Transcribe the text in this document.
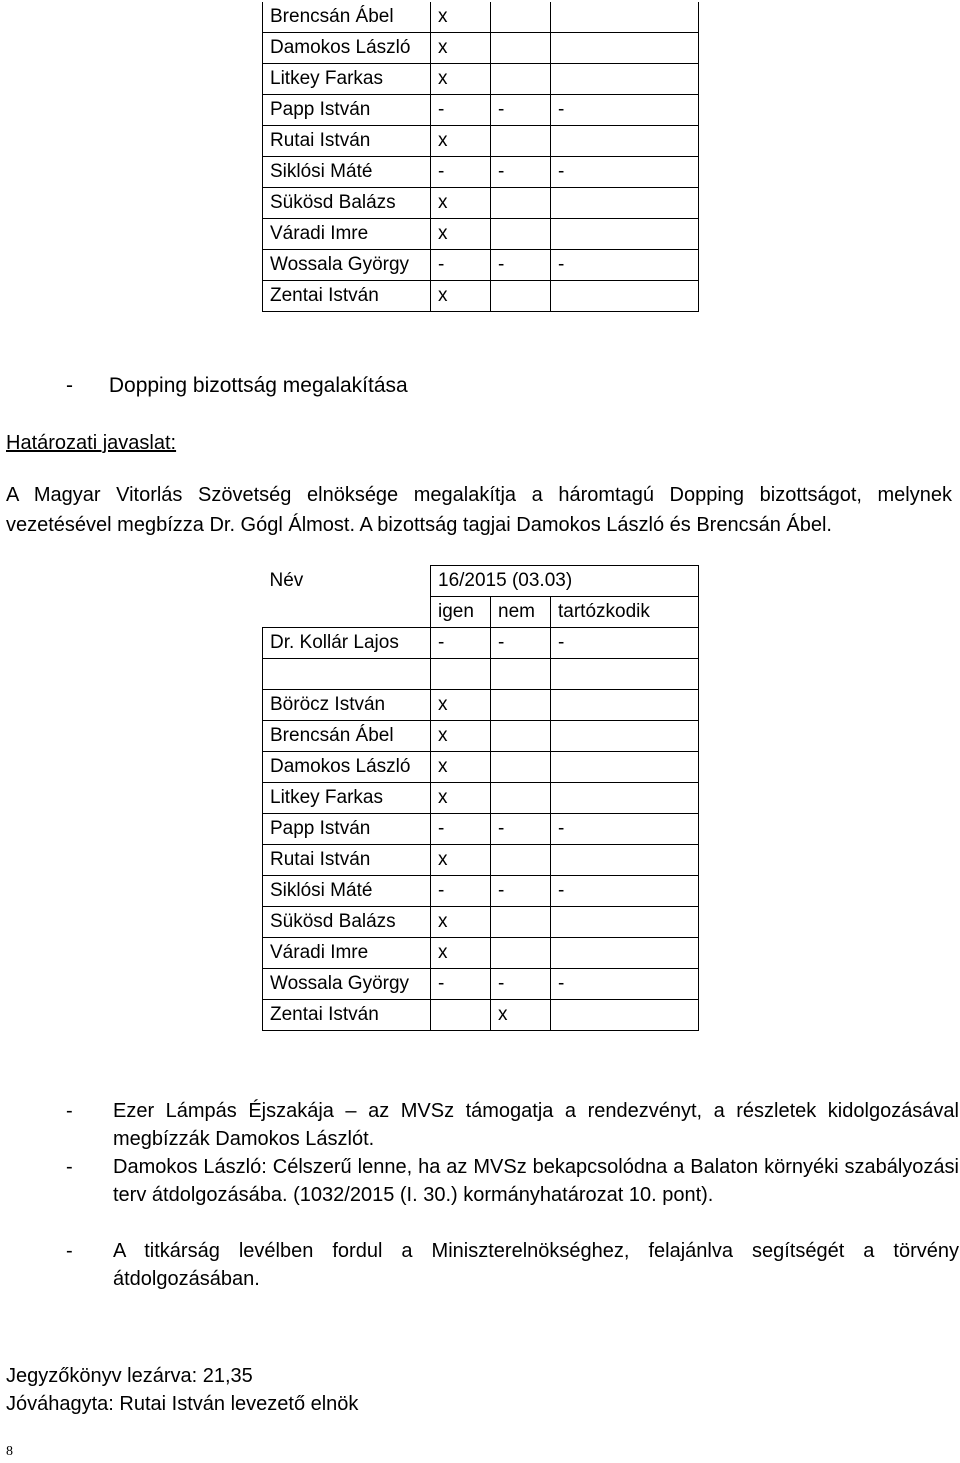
Brencsán Ábel	x		
Damokos László	x		
Litkey Farkas	x		
Papp István	-	-	-
Rutai István	x		
Siklósi Máté	-	-	-
Sükösd Balázs	x		
Váradi Imre	x		
Wossala György	-	-	-
Zentai István	x		
- Dopping bizottság megalakítása
Határozati javaslat:
A Magyar Vitorlás Szövetség elnöksége megalakítja a háromtagú Dopping bizottságot, melynek vezetésével megbízza Dr. Gógl Álmost. A bizottság tagjai Damokos László és Brencsán Ábel.
Név	16/2015 (03.03)		
	igen	nem	tartózkodik
Dr. Kollár Lajos	-	-	-

Böröcz István	x		
Brencsán Ábel	x		
Damokos László	x		
Litkey Farkas	x		
Papp István	-	-	-
Rutai István	x		
Siklósi Máté	-	-	-
Sükösd Balázs	x		
Váradi Imre	x		
Wossala György	-	-	-
Zentai István		x	
- Ezer Lámpás Éjszakája – az MVSz támogatja a rendezvényt, a részletek kidolgozásával megbízzák Damokos Lászlót.
- Damokos László: Célszerű lenne, ha az MVSz bekapcsolódna a Balaton környéki szabályozási terv átdolgozásába. (1032/2015 (I. 30.) kormányhatározat 10. pont).
- A titkárság levélben fordul a Miniszterelnökséghez, felajánlva segítségét a törvény átdolgozásában.
Jegyzőkönyv lezárva: 21,35
Jóváhagyta: Rutai István levezető elnök
8
